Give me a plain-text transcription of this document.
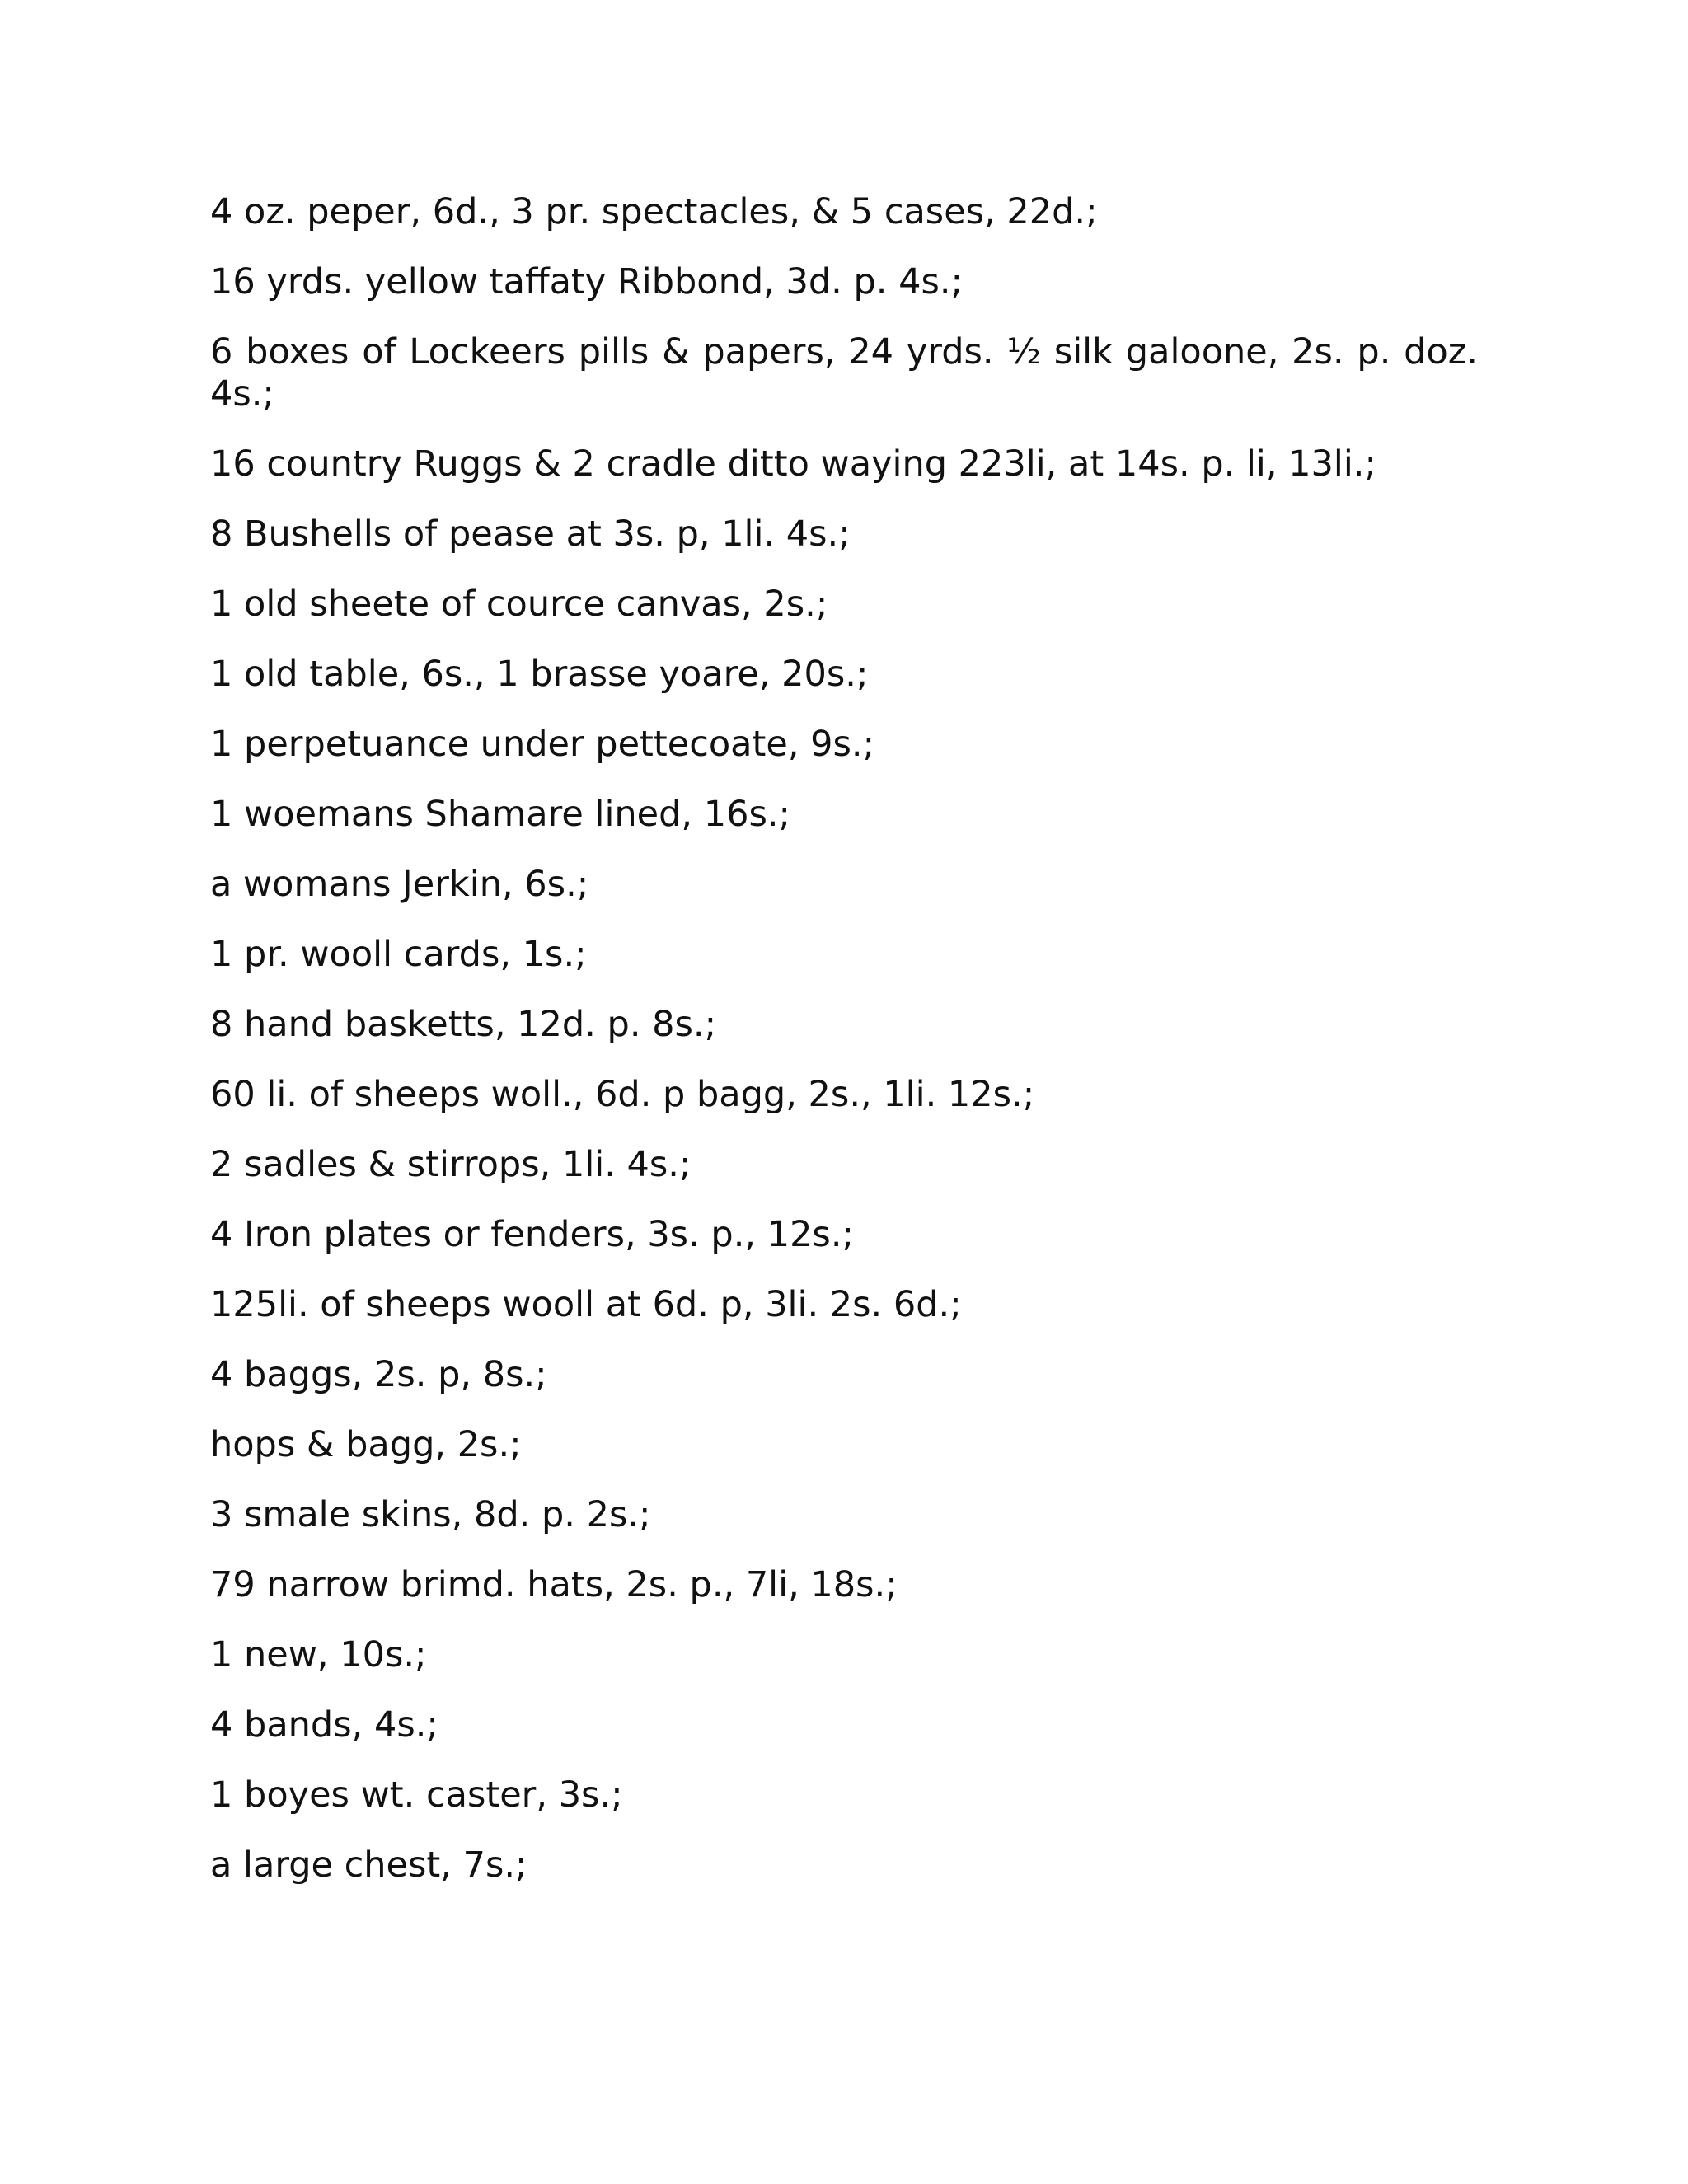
4 oz. peper, 6d., 3 pr. spectacles, & 5 cases, 22d.;

16 yrds. yellow taffaty Ribbond, 3d. p. 4s.;

6 boxes of Lockeers pills & papers, 24 yrds. ½ silk galoone, 2s. p. doz. 4s.;

16 country Ruggs & 2 cradle ditto waying 223li, at 14s. p. li, 13li.;

8 Bushells of pease at 3s. p, 1li. 4s.;

1 old sheete of cource canvas, 2s.;

1 old table, 6s., 1 brasse yoare, 20s.;

1 perpetuance under pettecoate, 9s.;

1 woemans Shamare lined, 16s.;

a womans Jerkin, 6s.;

1 pr. wooll cards, 1s.;

8 hand basketts, 12d. p. 8s.;

60 li. of sheeps woll., 6d. p bagg, 2s., 1li. 12s.;

2 sadles & stirrops, 1li. 4s.;

4 Iron plates or fenders, 3s. p., 12s.;

125li. of sheeps wooll at 6d. p, 3li. 2s. 6d.;

4 baggs, 2s. p, 8s.;

hops & bagg, 2s.;

3 smale skins, 8d. p. 2s.;

79 narrow brimd. hats, 2s. p., 7li, 18s.;

1 new, 10s.;

4 bands, 4s.;

1 boyes wt. caster, 3s.;

a large chest, 7s.;
